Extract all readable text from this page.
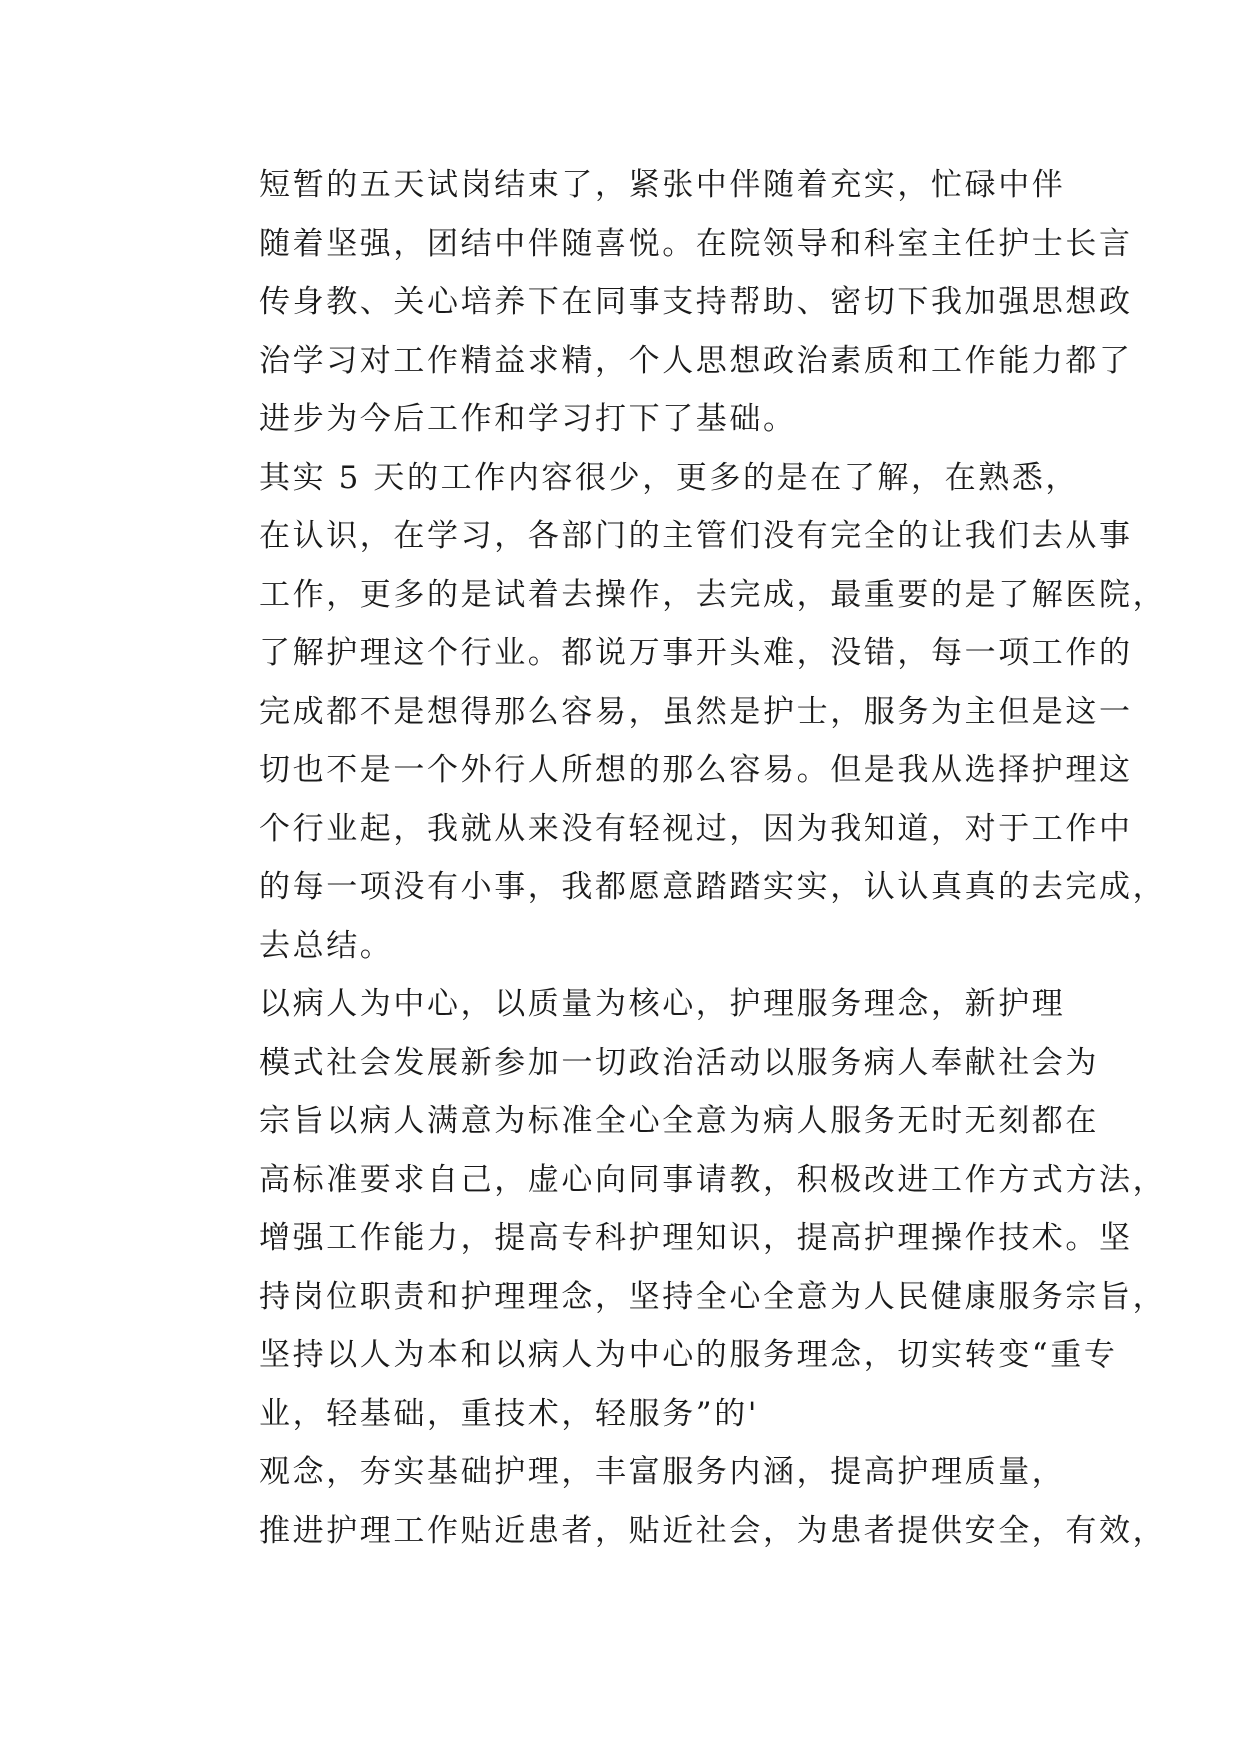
短暂的五天试岗结束了，紧张中伴随着充实，忙碌中伴
随着坚强，团结中伴随喜悦。在院领导和科室主任护士长言
传身教、关心培养下在同事支持帮助、密切下我加强思想政
治学习对工作精益求精，个人思想政治素质和工作能力都了
进步为今后工作和学习打下了基础。

其实 5 天的工作内容很少，更多的是在了解，在熟悉，
在认识，在学习，各部门的主管们没有完全的让我们去从事
工作，更多的是试着去操作，去完成，最重要的是了解医院，
了解护理这个行业。都说万事开头难，没错，每一项工作的
完成都不是想得那么容易，虽然是护士，服务为主但是这一
切也不是一个外行人所想的那么容易。但是我从选择护理这
个行业起，我就从来没有轻视过，因为我知道，对于工作中
的每一项没有小事，我都愿意踏踏实实，认认真真的去完成，
去总结。

以病人为中心，以质量为核心，护理服务理念，新护理
模式社会发展新参加一切政治活动以服务病人奉献社会为
宗旨以病人满意为标准全心全意为病人服务无时无刻都在
高标准要求自己，虚心向同事请教，积极改进工作方式方法，
增强工作能力，提高专科护理知识，提高护理操作技术。坚
持岗位职责和护理理念，坚持全心全意为人民健康服务宗旨，
坚持以人为本和以病人为中心的服务理念，切实转变“重专
业，轻基础，重技术，轻服务”的'

观念，夯实基础护理，丰富服务内涵，提高护理质量，
推进护理工作贴近患者，贴近社会，为患者提供安全，有效，
